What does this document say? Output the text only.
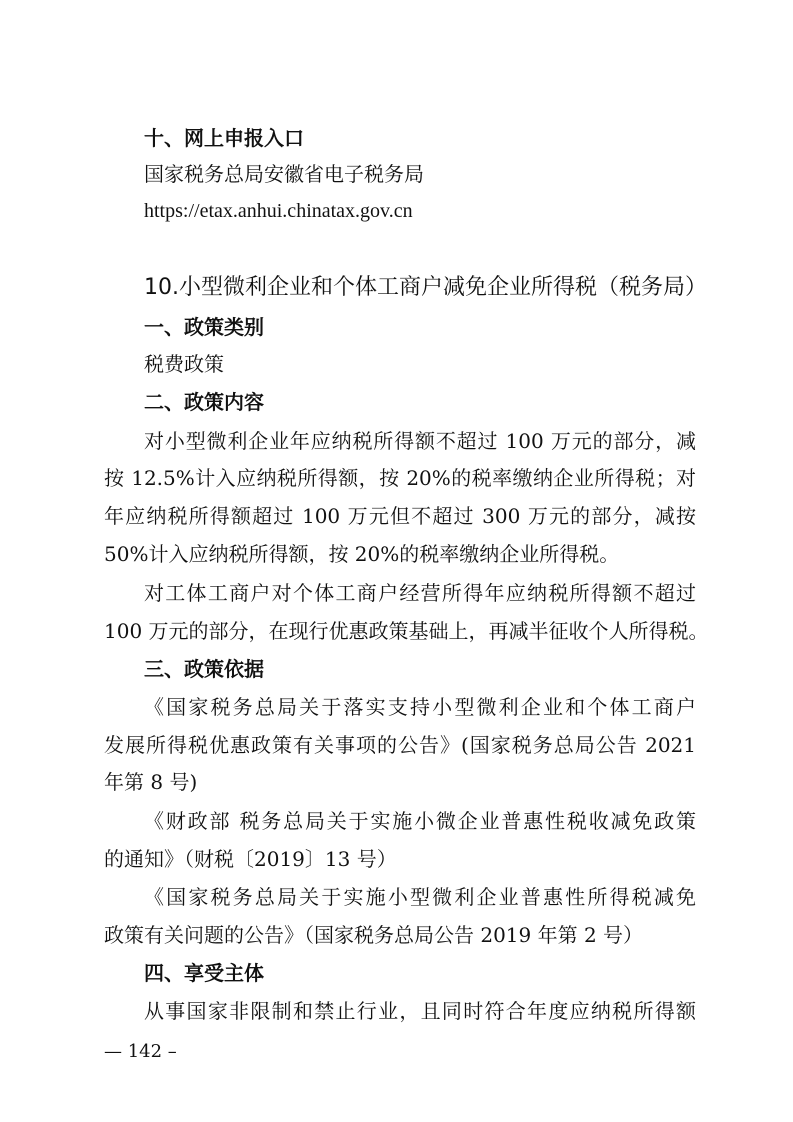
十、网上申报入口
国家税务总局安徽省电子税务局
https://etax.anhui.chinatax.gov.cn
10.小型微利企业和个体工商户减免企业所得税（税务局）
一、政策类别
税费政策
二、政策内容
对小型微利企业年应纳税所得额不超过 100 万元的部分，减
按 12.5%计入应纳税所得额，按 20%的税率缴纳企业所得税；对
年应纳税所得额超过 100 万元但不超过 300 万元的部分，减按
50%计入应纳税所得额，按 20%的税率缴纳企业所得税。
对工体工商户对个体工商户经营所得年应纳税所得额不超过
100 万元的部分，在现行优惠政策基础上，再减半征收个人所得税。
三、政策依据
《国家税务总局关于落实支持小型微利企业和个体工商户
发展所得税优惠政策有关事项的公告》(国家税务总局公告 2021
年第 8 号)
《财政部 税务总局关于实施小微企业普惠性税收减免政策
的通知》（财税〔2019〕13 号）
《国家税务总局关于实施小型微利企业普惠性所得税减免
政策有关问题的公告》（国家税务总局公告 2019 年第 2 号）
四、享受主体
从事国家非限制和禁止行业，且同时符合年度应纳税所得额
— 142 –
